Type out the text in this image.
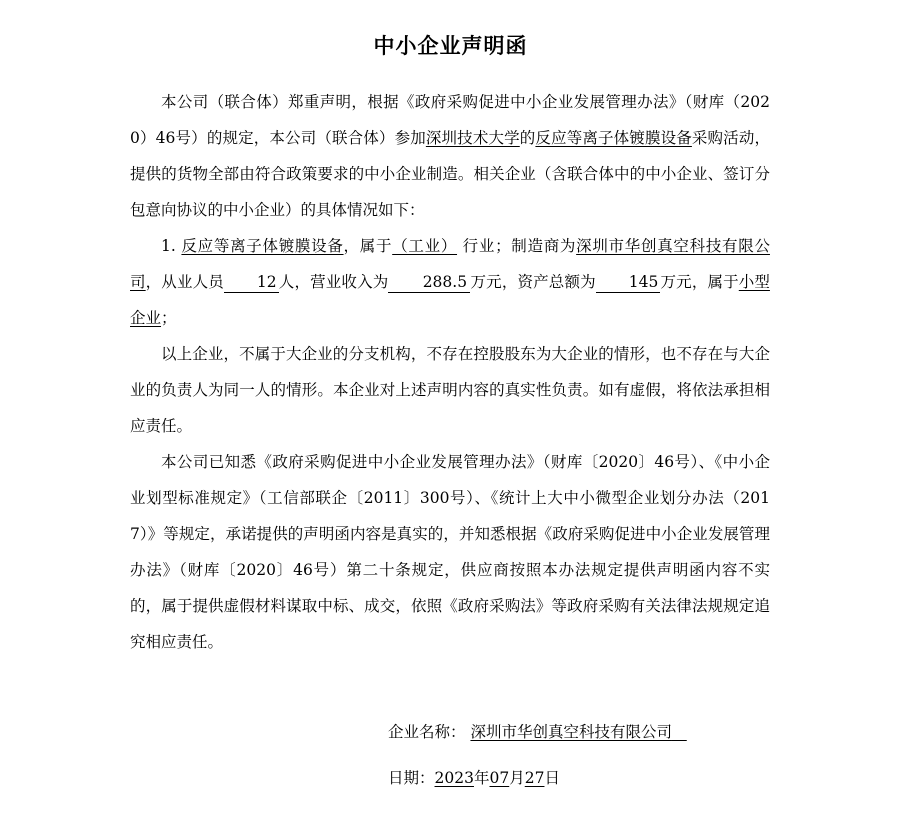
中小企业声明函

本公司（联合体）郑重声明，根据《政府采购促进中小企业发展管理办法》（财库（2020）46号）的规定，本公司（联合体）参加深圳技术大学的反应等离子体镀膜设备采购活动，提供的货物全部由符合政策要求的中小企业制造。相关企业（含联合体中的中小企业、签订分包意向协议的中小企业）的具体情况如下：

1. 反应等离子体镀膜设备，属于（工业） 行业；制造商为深圳市华创真空科技有限公司，从业人员 12 人，营业收入为 288.5 万元，资产总额为 145 万元，属于小型企业；

以上企业，不属于大企业的分支机构，不存在控股股东为大企业的情形，也不存在与大企业的负责人为同一人的情形。本企业对上述声明内容的真实性负责。如有虚假，将依法承担相应责任。

本公司已知悉《政府采购促进中小企业发展管理办法》（财库〔2020〕46号）、《中小企业划型标准规定》（工信部联企〔2011〕300号）、《统计上大中小微型企业划分办法（2017）》等规定，承诺提供的声明函内容是真实的，并知悉根据《政府采购促进中小企业发展管理办法》（财库〔2020〕46号）第二十条规定，供应商按照本办法规定提供声明函内容不实的，属于提供虚假材料谋取中标、成交，依照《政府采购法》等政府采购有关法律法规规定追究相应责任。

企业名称： 深圳市华创真空科技有限公司
日期：2023年07月27日
